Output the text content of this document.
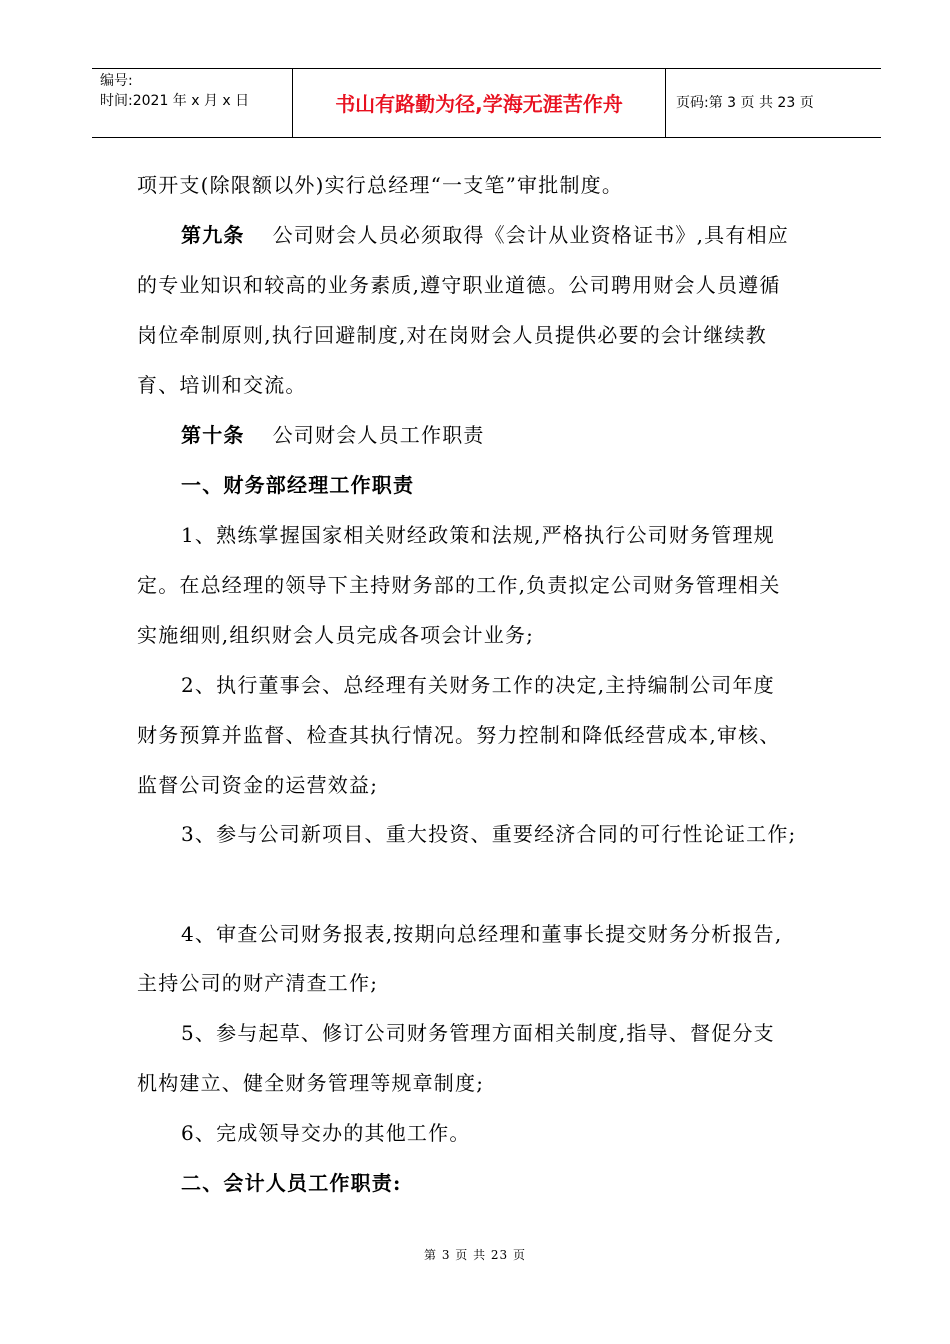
编号:
时间:2021 年 x 月 x 日	书山有路勤为径,学海无涯苦作舟	页码:第 3 页 共 23 页
项开支(除限额以外)实行总经理“一支笔”审批制度。
第九条 公司财会人员必须取得《会计从业资格证书》,具有相应
的专业知识和较高的业务素质,遵守职业道德。公司聘用财会人员遵循
岗位牵制原则,执行回避制度,对在岗财会人员提供必要的会计继续教
育、培训和交流。
第十条 公司财会人员工作职责
一、财务部经理工作职责
1、熟练掌握国家相关财经政策和法规,严格执行公司财务管理规
定。在总经理的领导下主持财务部的工作,负责拟定公司财务管理相关
实施细则,组织财会人员完成各项会计业务;
2、执行董事会、总经理有关财务工作的决定,主持编制公司年度
财务预算并监督、检查其执行情况。努力控制和降低经营成本,审核、
监督公司资金的运营效益;
3、参与公司新项目、重大投资、重要经济合同的可行性论证工作;
4、审查公司财务报表,按期向总经理和董事长提交财务分析报告,
主持公司的财产清查工作;
5、参与起草、修订公司财务管理方面相关制度,指导、督促分支
机构建立、健全财务管理等规章制度;
6、完成领导交办的其他工作。
二、会计人员工作职责:
第 3 页 共 23 页
